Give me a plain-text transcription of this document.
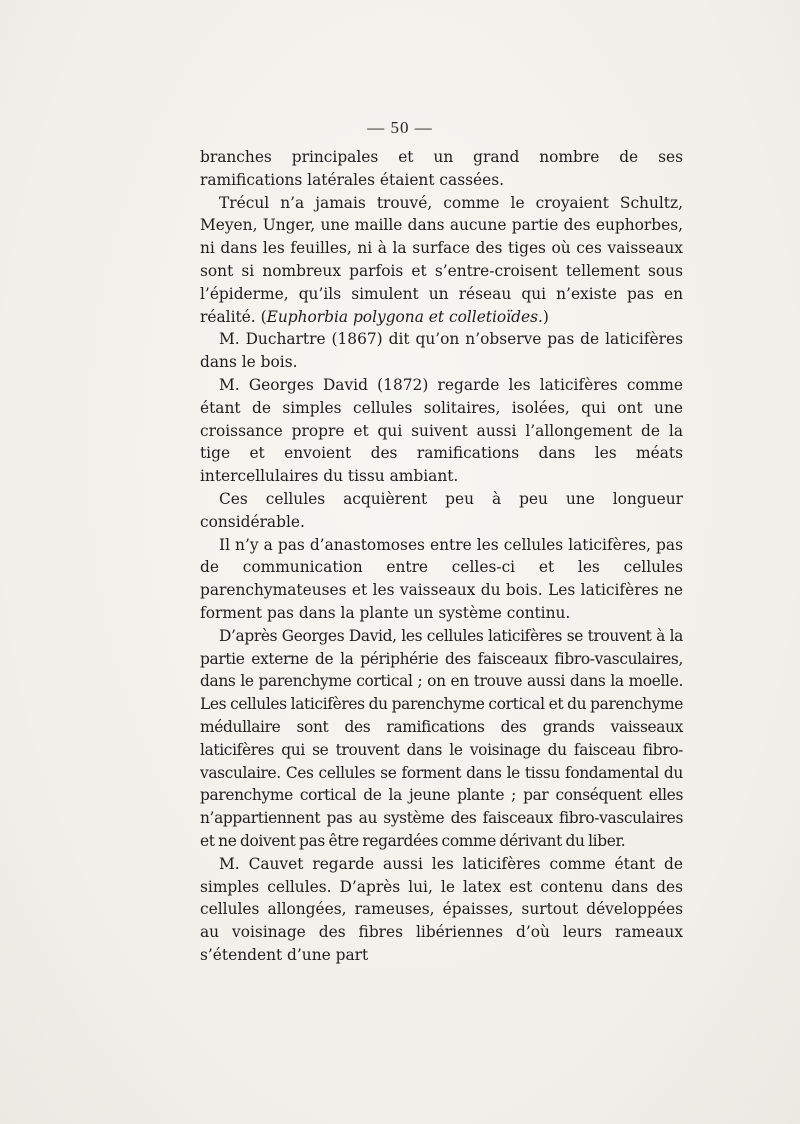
— 50 —

branches principales et un grand nombre de ses ramifications latérales étaient cassées.

Trécul n’a jamais trouvé, comme le croyaient Schultz, Meyen, Unger, une maille dans aucune partie des euphorbes, ni dans les feuilles, ni à la surface des tiges où ces vaisseaux sont si nombreux parfois et s’entre-croisent tellement sous l’épiderme, qu’ils simulent un réseau qui n’existe pas en réalité. (Euphorbia polygona et colletioïdes.)

M. Duchartre (1867) dit qu’on n’observe pas de laticifères dans le bois.

M. Georges David (1872) regarde les laticifères comme étant de simples cellules solitaires, isolées, qui ont une croissance propre et qui suivent aussi l’allongement de la tige et envoient des ramifications dans les méats intercellulaires du tissu ambiant.

Ces cellules acquièrent peu à peu une longueur considérable.

Il n’y a pas d’anastomoses entre les cellules laticifères, pas de communication entre celles-ci et les cellules parenchymateuses et les vaisseaux du bois. Les laticifères ne forment pas dans la plante un système continu.

D’après Georges David, les cellules laticifères se trouvent à la partie externe de la périphérie des faisceaux fibro-vasculaires, dans le parenchyme cortical ; on en trouve aussi dans la moelle. Les cellules laticifères du parenchyme cortical et du parenchyme médullaire sont des ramifications des grands vaisseaux laticifères qui se trouvent dans le voisinage du faisceau fibro-vasculaire. Ces cellules se forment dans le tissu fondamental du parenchyme cortical de la jeune plante ; par conséquent elles n’appartiennent pas au système des faisceaux fibro-vasculaires et ne doivent pas être regardées comme dérivant du liber.

M. Cauvet regarde aussi les laticifères comme étant de simples cellules. D’après lui, le latex est contenu dans des cellules allongées, rameuses, épaisses, surtout développées au voisinage des fibres libériennes d’où leurs rameaux s’étendent d’une part
